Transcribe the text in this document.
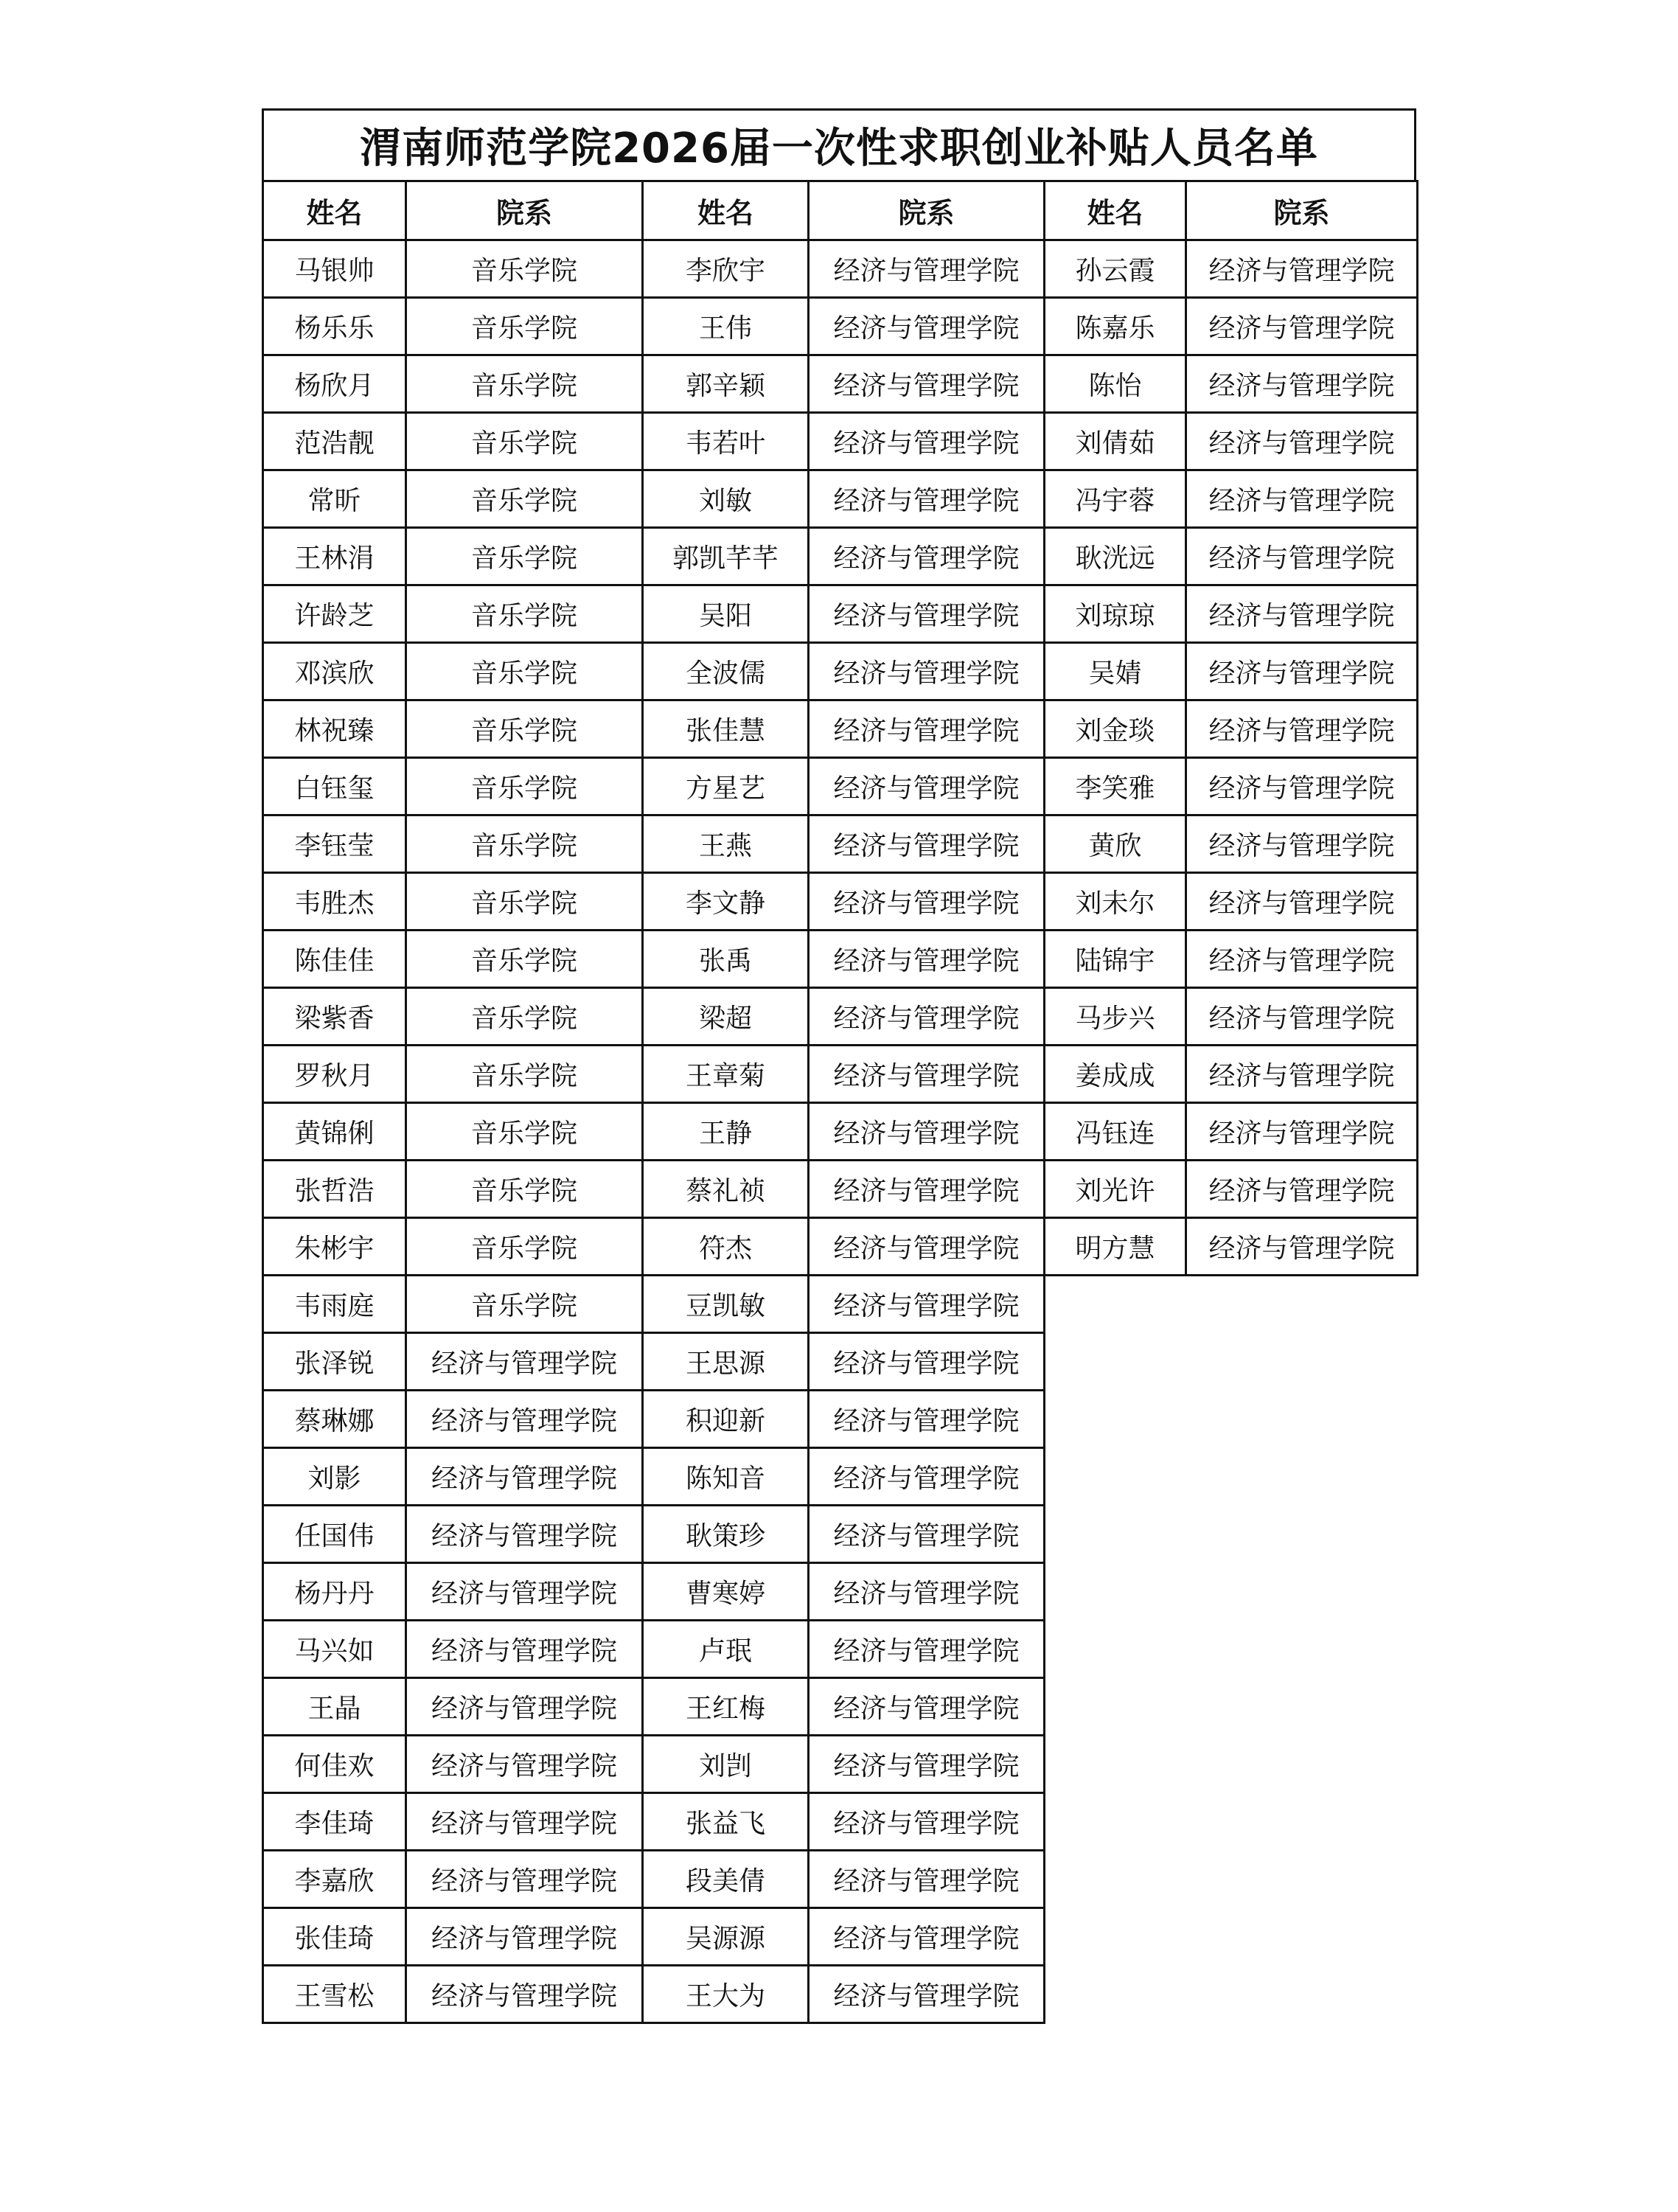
渭南师范学院2026届一次性求职创业补贴人员名单
姓名	院系	姓名	院系	姓名	院系
马银帅	音乐学院	李欣宇	经济与管理学院	孙云霞	经济与管理学院
杨乐乐	音乐学院	王伟	经济与管理学院	陈嘉乐	经济与管理学院
杨欣月	音乐学院	郭辛颖	经济与管理学院	陈怡	经济与管理学院
范浩靓	音乐学院	韦若叶	经济与管理学院	刘倩茹	经济与管理学院
常昕	音乐学院	刘敏	经济与管理学院	冯宇蓉	经济与管理学院
王林涓	音乐学院	郭凯芊芊	经济与管理学院	耿洸远	经济与管理学院
许龄芝	音乐学院	吴阳	经济与管理学院	刘琼琼	经济与管理学院
邓滨欣	音乐学院	全波儒	经济与管理学院	吴婧	经济与管理学院
林祝臻	音乐学院	张佳慧	经济与管理学院	刘金琰	经济与管理学院
白钰玺	音乐学院	方星艺	经济与管理学院	李笑雅	经济与管理学院
李钰莹	音乐学院	王燕	经济与管理学院	黄欣	经济与管理学院
韦胜杰	音乐学院	李文静	经济与管理学院	刘未尔	经济与管理学院
陈佳佳	音乐学院	张禹	经济与管理学院	陆锦宇	经济与管理学院
梁紫香	音乐学院	梁超	经济与管理学院	马步兴	经济与管理学院
罗秋月	音乐学院	王章菊	经济与管理学院	姜成成	经济与管理学院
黄锦俐	音乐学院	王静	经济与管理学院	冯钰连	经济与管理学院
张哲浩	音乐学院	蔡礼祯	经济与管理学院	刘光许	经济与管理学院
朱彬宇	音乐学院	符杰	经济与管理学院	明方慧	经济与管理学院
韦雨庭	音乐学院	豆凯敏	经济与管理学院		
张泽锐	经济与管理学院	王思源	经济与管理学院		
蔡琳娜	经济与管理学院	积迎新	经济与管理学院		
刘影	经济与管理学院	陈知音	经济与管理学院		
任国伟	经济与管理学院	耿策珍	经济与管理学院		
杨丹丹	经济与管理学院	曹寒婷	经济与管理学院		
马兴如	经济与管理学院	卢珉	经济与管理学院		
王晶	经济与管理学院	王红梅	经济与管理学院		
何佳欢	经济与管理学院	刘剀	经济与管理学院		
李佳琦	经济与管理学院	张益飞	经济与管理学院		
李嘉欣	经济与管理学院	段美倩	经济与管理学院		
张佳琦	经济与管理学院	吴源源	经济与管理学院		
王雪松	经济与管理学院	王大为	经济与管理学院		
